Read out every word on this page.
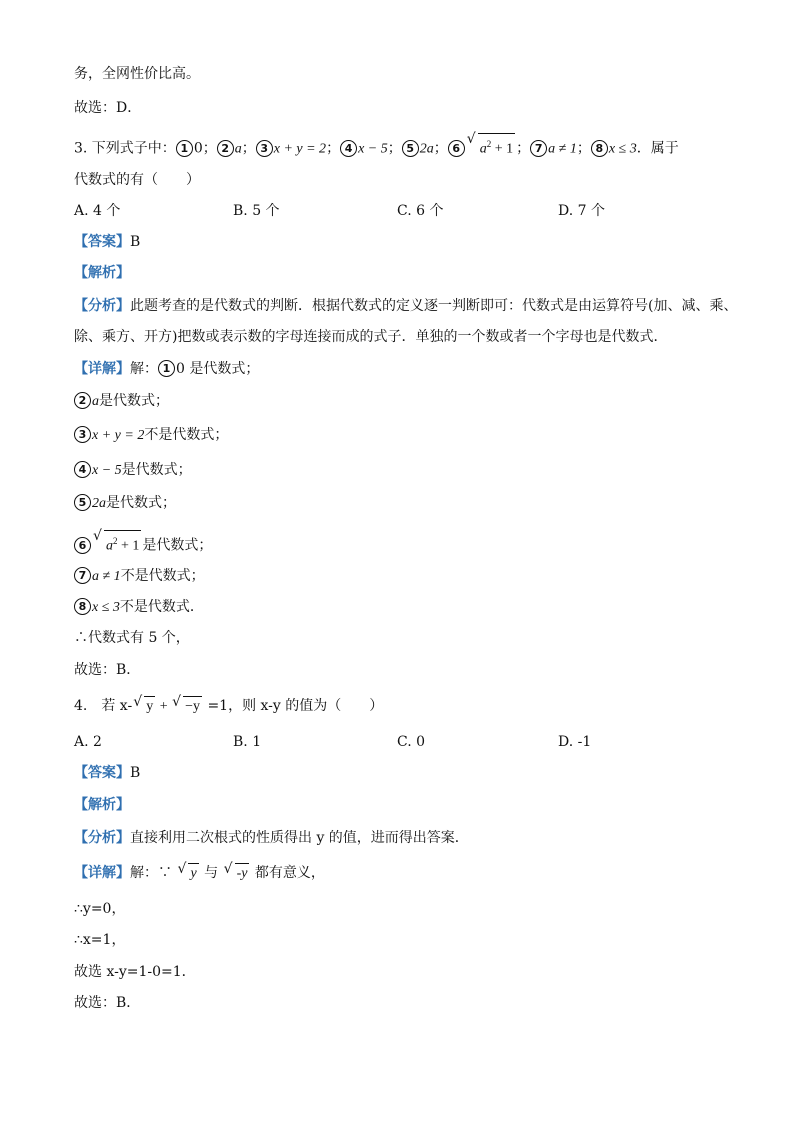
务，全网性价比高。
故选：D．
3. 下列式子中： 1 0； 2 a； 3 x + y = 2； 4 x − 5； 5 2a； 6
√
$a^2 + 1$ ； 7 a ≠ 1； 8 x ≤ 3．属于
代数式的有（　　）
A. 4 个	B. 5 个	C. 6 个	D. 7 个
【答案】B
【解析】
【分析】此题考查的是代数式的判断．根据代数式的定义逐一判断即可：代数式是由运算符号(加、减、乘、
除、乘方、开方)把数或表示数的字母连接而成的式子．单独的一个数或者一个字母也是代数式．
【详解】解： 1 0 是代数式；
2 a是代数式；
3 x + y = 2不是代数式；
4 x − 5是代数式；
5 2a是代数式；
6
√
$a^2 + 1$ 是代数式；
7 a ≠ 1不是代数式；
8 x ≤ 3不是代数式．
∴代数式有 5 个，
故选：B．
4.　若 x- √ y + √ −y =1，则 x-y 的值为（　　）
A. 2	B. 1	C. 0	D. -1
【答案】B
【解析】
【分析】直接利用二次根式的性质得出 y 的值，进而得出答案．
【详解】解：∵ √ y 与 √ -y 都有意义，
∴y=0，
∴x=1，
故选 x-y=1-0=1．
故选：B．
